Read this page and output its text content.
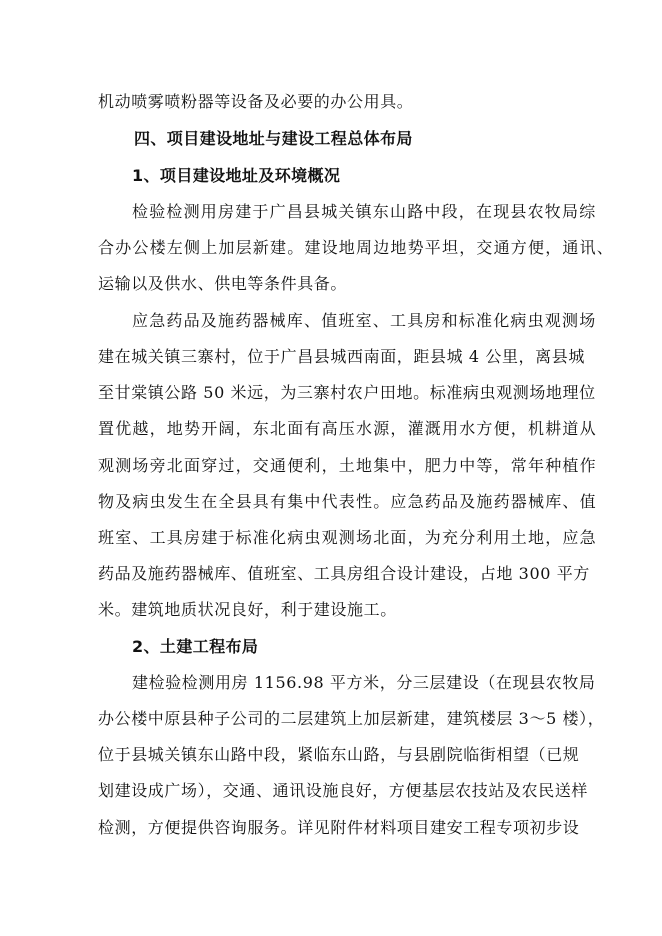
机动喷雾喷粉器等设备及必要的办公用具。
四、项目建设地址与建设工程总体布局
1、项目建设地址及环境概况
检验检测用房建于广昌县城关镇东山路中段，在现县农牧局综
合办公楼左侧上加层新建。建设地周边地势平坦，交通方便，通讯、
运输以及供水、供电等条件具备。
应急药品及施药器械库、值班室、工具房和标准化病虫观测场
建在城关镇三寨村，位于广昌县城西南面，距县城 4 公里，离县城
至甘棠镇公路 50 米远，为三寨村农户田地。标准病虫观测场地理位
置优越，地势开阔，东北面有高压水源，灌溉用水方便，机耕道从
观测场旁北面穿过，交通便利，土地集中，肥力中等，常年种植作
物及病虫发生在全县具有集中代表性。应急药品及施药器械库、值
班室、工具房建于标准化病虫观测场北面，为充分利用土地，应急
药品及施药器械库、值班室、工具房组合设计建设，占地 300 平方
米。建筑地质状况良好，利于建设施工。
2、土建工程布局
建检验检测用房 1156.98 平方米，分三层建设（在现县农牧局
办公楼中原县种子公司的二层建筑上加层新建，建筑楼层 3～5 楼），
位于县城关镇东山路中段，紧临东山路，与县剧院临街相望（已规
划建设成广场），交通、通讯设施良好，方便基层农技站及农民送样
检测，方便提供咨询服务。详见附件材料项目建安工程专项初步设
